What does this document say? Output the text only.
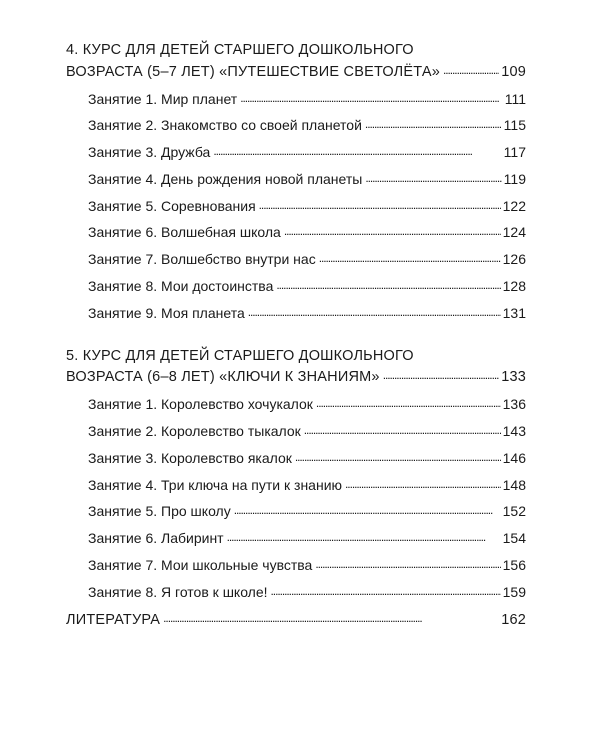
4. КУРС ДЛЯ ДЕТЕЙ СТАРШЕГО ДОШКОЛЬНОГО
ВОЗРАСТА (5–7 ЛЕТ) «ПУТЕШЕСТВИЕ СВЕТОЛЁТА» . . .	109
Занятие 1. Мир планет . . .	111
Занятие 2. Знакомство со своей планетой . . .	115
Занятие 3. Дружба . . .	117
Занятие 4. День рождения новой планеты . . .	119
Занятие 5. Соревнования . . .	122
Занятие 6. Волшебная школа . . .	124
Занятие 7. Волшебство внутри нас . . .	126
Занятие 8. Мои достоинства . . .	128
Занятие 9. Моя планета . . .	131
5. КУРС ДЛЯ ДЕТЕЙ СТАРШЕГО ДОШКОЛЬНОГО
ВОЗРАСТА (6–8 ЛЕТ) «КЛЮЧИ К ЗНАНИЯМ» . . .	133
Занятие 1. Королевство хочукалок . . .	136
Занятие 2. Королевство тыкалок . . .	143
Занятие 3. Королевство якалок . . .	146
Занятие 4. Три ключа на пути к знанию . . .	148
Занятие 5. Про школу . . .	152
Занятие 6. Лабиринт . . .	154
Занятие 7. Мои школьные чувства . . .	156
Занятие 8. Я готов к школе! . . .	159
ЛИТЕРАТУРА . . .	162
